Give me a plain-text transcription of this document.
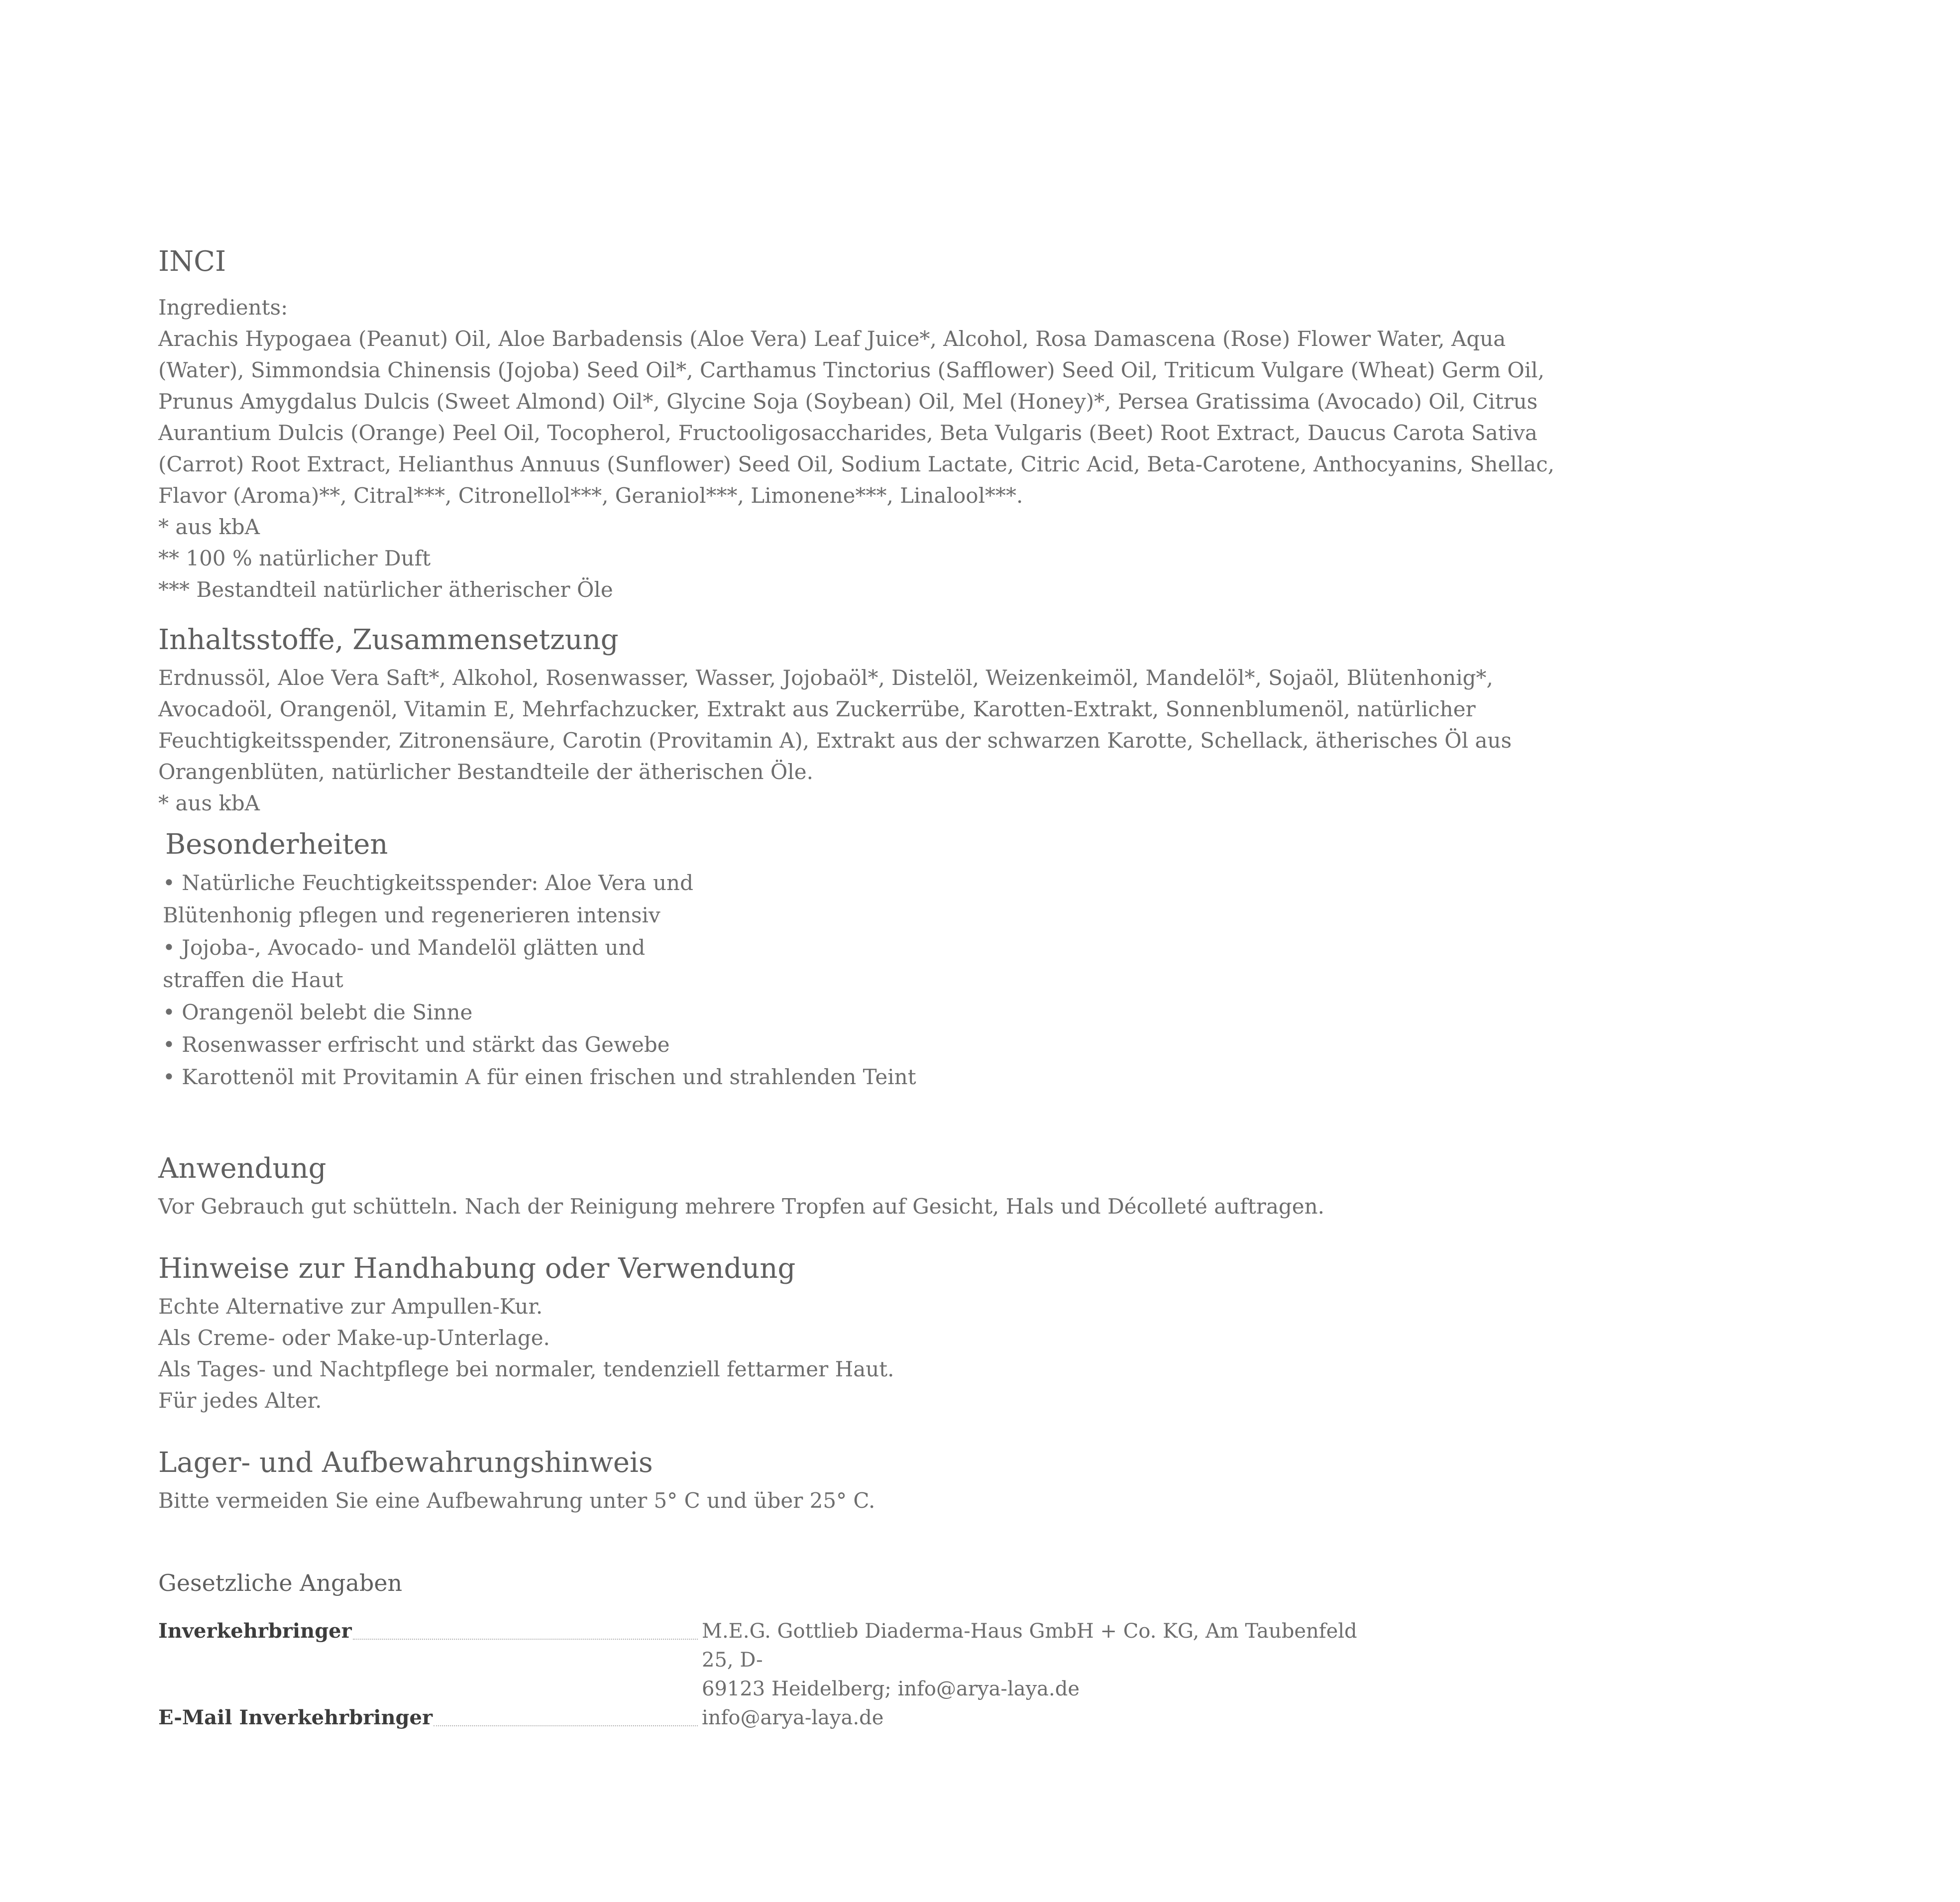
INCI
Ingredients:
Arachis Hypogaea (Peanut) Oil, Aloe Barbadensis (Aloe Vera) Leaf Juice*, Alcohol, Rosa Damascena (Rose) Flower Water, Aqua (Water), Simmondsia Chinensis (Jojoba) Seed Oil*, Carthamus Tinctorius (Safflower) Seed Oil, Triticum Vulgare (Wheat) Germ Oil, Prunus Amygdalus Dulcis (Sweet Almond) Oil*, Glycine Soja (Soybean) Oil, Mel (Honey)*, Persea Gratissima (Avocado) Oil, Citrus Aurantium Dulcis (Orange) Peel Oil, Tocopherol, Fructooligosaccharides, Beta Vulgaris (Beet) Root Extract, Daucus Carota Sativa (Carrot) Root Extract, Helianthus Annuus (Sunflower) Seed Oil, Sodium Lactate, Citric Acid, Beta-Carotene, Anthocyanins, Shellac, Flavor (Aroma)**, Citral***, Citronellol***, Geraniol***, Limonene***, Linalool***.
* aus kbA
** 100 % natürlicher Duft
*** Bestandteil natürlicher ätherischer Öle
Inhaltsstoffe, Zusammensetzung
Erdnussöl, Aloe Vera Saft*, Alkohol, Rosenwasser, Wasser, Jojobaöl*, Distelöl, Weizenkeimöl, Mandelöl*, Sojaöl, Blütenhonig*, Avocadoöl, Orangenöl, Vitamin E, Mehrfachzucker, Extrakt aus Zuckerrübe, Karotten-Extrakt, Sonnenblumenöl, natürlicher Feuchtigkeitsspender, Zitronensäure, Carotin (Provitamin A), Extrakt aus der schwarzen Karotte, Schellack, ätherisches Öl aus Orangenblüten, natürlicher Bestandteile der ätherischen Öle.
* aus kbA
Besonderheiten
• Natürliche Feuchtigkeitsspender: Aloe Vera und
Blütenhonig pflegen und regenerieren intensiv
• Jojoba-, Avocado- und Mandelöl glätten und
straffen die Haut
• Orangenöl belebt die Sinne
• Rosenwasser erfrischt und stärkt das Gewebe
• Karottenöl mit Provitamin A für einen frischen und strahlenden Teint
Anwendung
Vor Gebrauch gut schütteln. Nach der Reinigung mehrere Tropfen auf Gesicht, Hals und Décolleté auftragen.
Hinweise zur Handhabung oder Verwendung
Echte Alternative zur Ampullen-Kur.
Als Creme- oder Make-up-Unterlage.
Als Tages- und Nachtpflege bei normaler, tendenziell fettarmer Haut.
Für jedes Alter.
Lager- und Aufbewahrungshinweis
Bitte vermeiden Sie eine Aufbewahrung unter 5° C und über 25° C.
Gesetzliche Angaben
Inverkehrbringer	M.E.G. Gottlieb Diaderma-Haus GmbH + Co. KG, Am Taubenfeld 25, D-
69123 Heidelberg; info@arya-laya.de
E-Mail Inverkehrbringer	info@arya-laya.de
